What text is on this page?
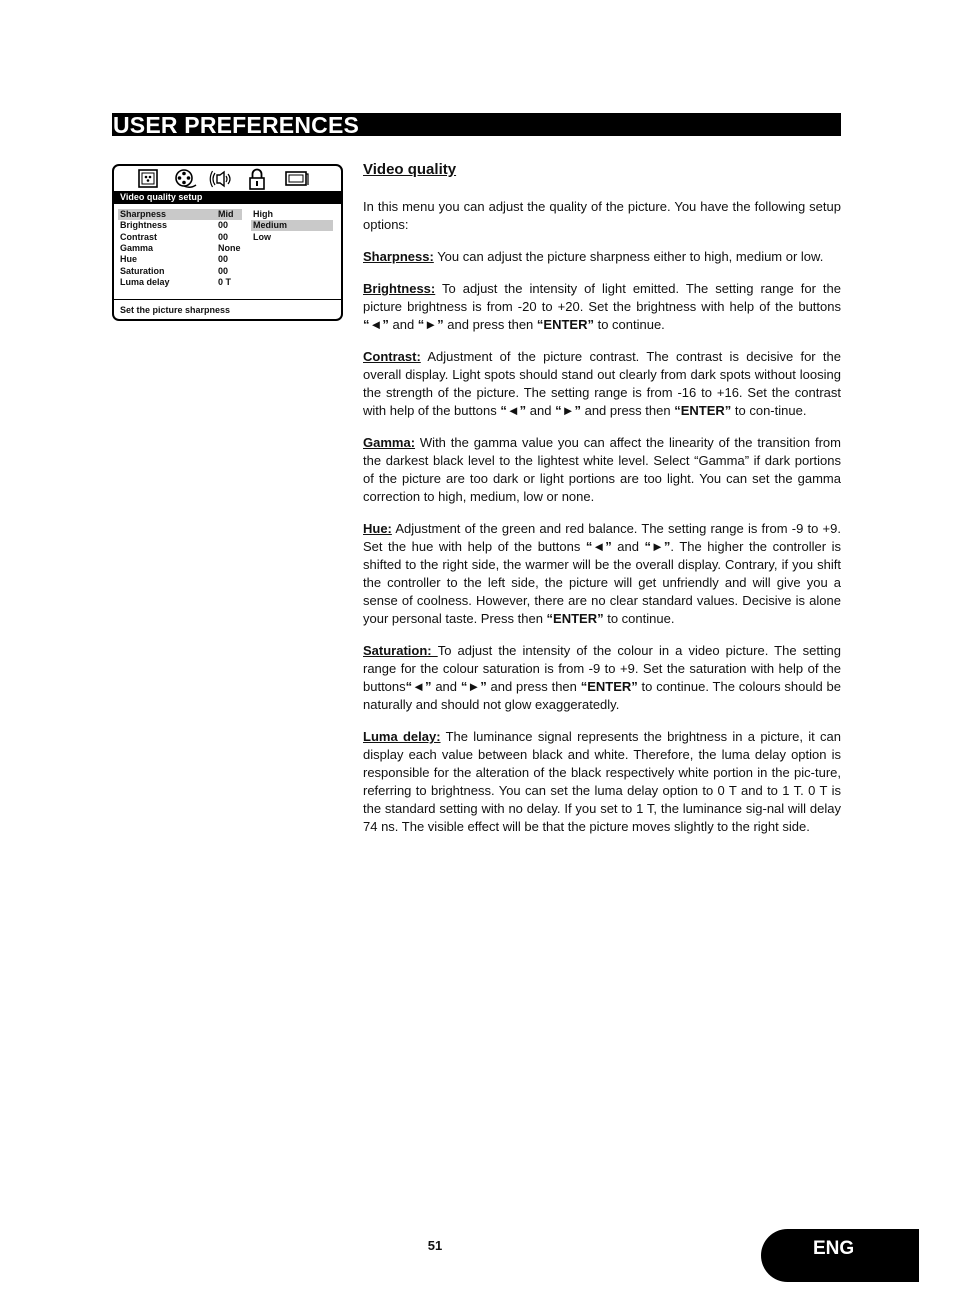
USER PREFERENCES
Video quality setup
Sharpness	Mid
Brightness	00
Contrast	00
Gamma	None
Hue	00
Saturation	00
Luma delay	0 T
High
Medium
Low
Set the picture sharpness
Video quality

In this menu you can adjust the quality of the picture. You have the following setup options:

Sharpness: You can adjust the picture sharpness either to high, medium or low.

Brightness: To adjust the intensity of light emitted. The setting range for the picture brightness is from -20 to +20. Set the brightness with help of the buttons “◄” and “►” and press then “ENTER” to continue.

Contrast: Adjustment of the picture contrast. The contrast is decisive for the overall display. Light spots should stand out clearly from dark spots without loosing the strength of the picture. The setting range is from -16 to +16. Set the contrast with help of the buttons “◄” and “►” and press then “ENTER” to con-tinue.

Gamma: With the gamma value you can affect the linearity of the transition from the darkest black level to the lightest white level. Select “Gamma” if dark portions of the picture are too dark or light portions are too light. You can set the gamma correction to high, medium, low or none.

Hue: Adjustment of the green and red balance. The setting range is from -9 to +9. Set the hue with help of the buttons “◄” and “►”. The higher the controller is shifted to the right side, the warmer will be the overall display. Contrary, if you shift the controller to the left side, the picture will get unfriendly and will give you a sense of coolness. However, there are no clear standard values. Decisive is alone your personal taste. Press then “ENTER” to continue.

Saturation: To adjust the intensity of the colour in a video picture. The setting range for the colour saturation is from -9 to +9. Set the saturation with help of the buttons“◄” and “►” and press then “ENTER” to continue. The colours should be naturally and should not glow exaggeratedly.

Luma delay: The luminance signal represents the brightness in a picture, it can display each value between black and white. Therefore, the luma delay option is responsible for the alteration of the black respectively white portion in the pic-ture, referring to brightness. You can set the luma delay option to 0 T and to 1 T. 0 T is the standard setting with no delay. If you set to 1 T, the luminance sig-nal will delay 74 ns. The visible effect will be that the picture moves slightly to the right side.

51	ENG
